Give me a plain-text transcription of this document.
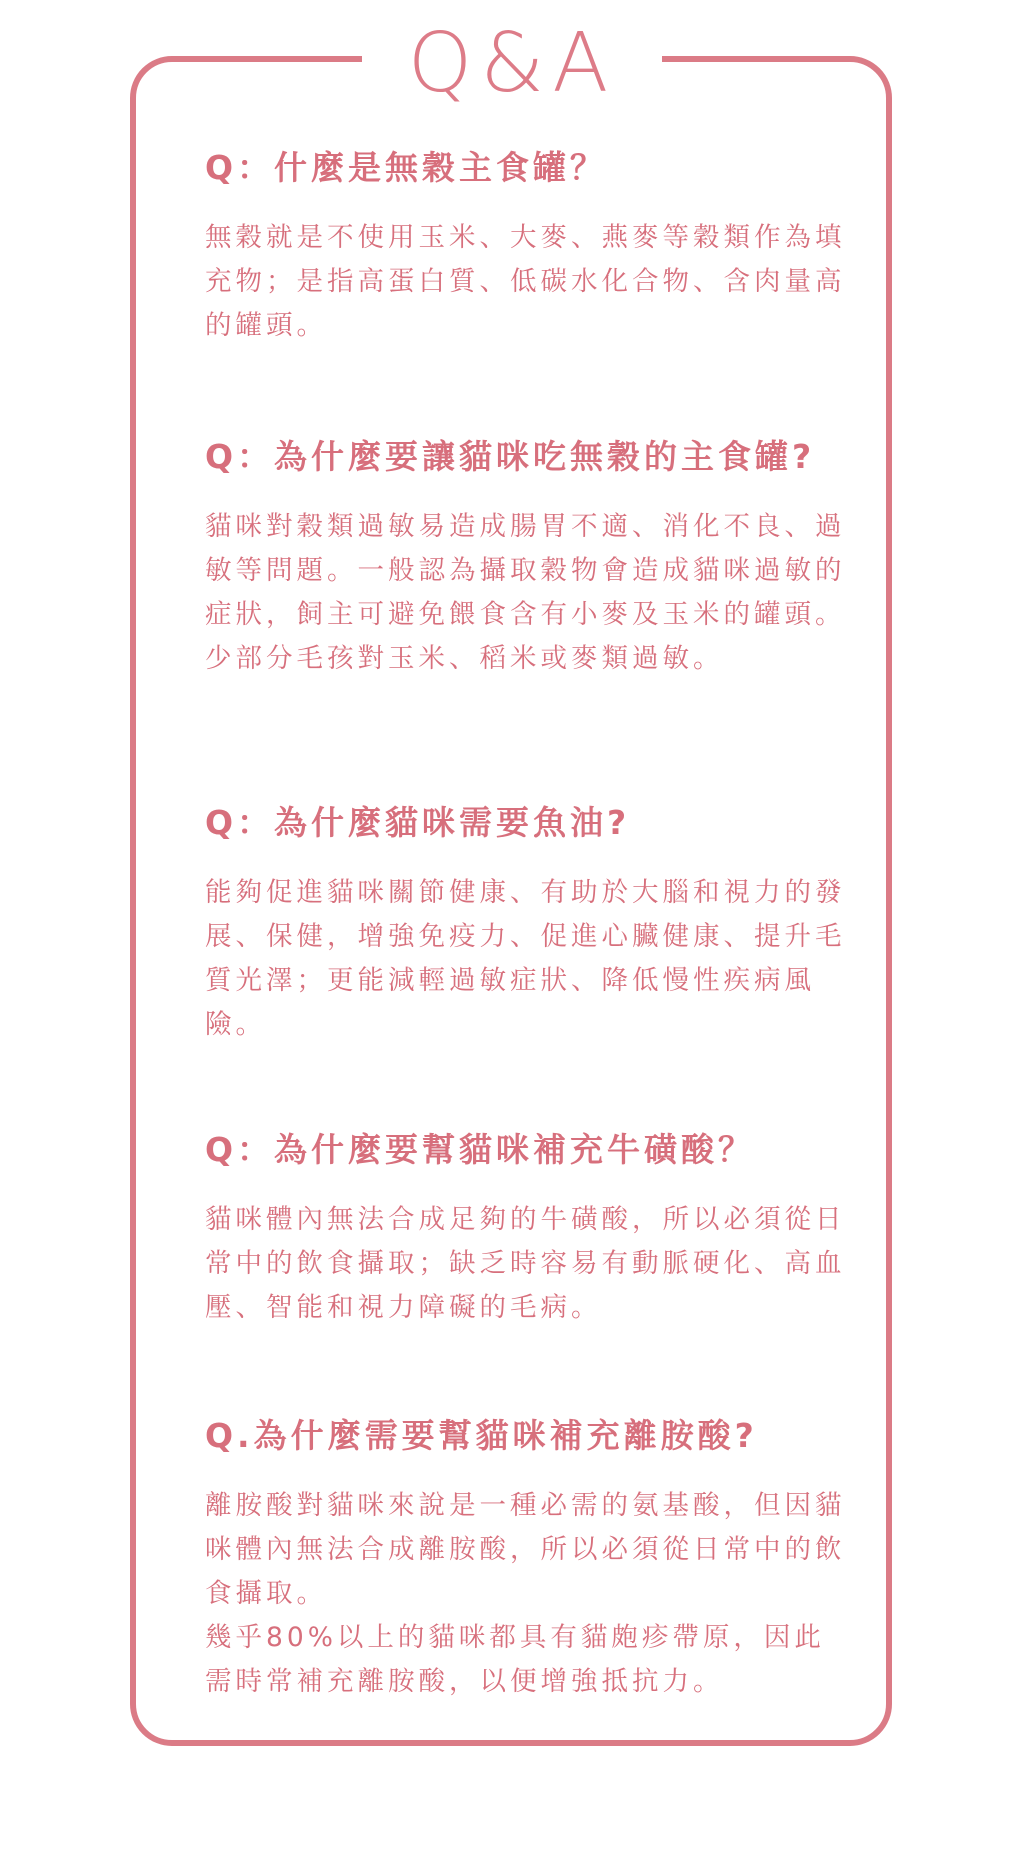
Q&A
Q：什麼是無穀主食罐？

無穀就是不使用玉米、大麥、燕麥等穀類作為填充物；是指高蛋白質、低碳水化合物、含肉量高的罐頭。

Q：為什麼要讓貓咪吃無穀的主食罐?

貓咪對穀類過敏易造成腸胃不適、消化不良、過敏等問題。一般認為攝取穀物會造成貓咪過敏的症狀，飼主可避免餵食含有小麥及玉米的罐頭。少部分毛孩對玉米、稻米或麥類過敏。

Q：為什麼貓咪需要魚油?

能夠促進貓咪關節健康、有助於大腦和視力的發展、保健，增強免疫力、促進心臟健康、提升毛質光澤；更能減輕過敏症狀、降低慢性疾病風險。

Q：為什麼要幫貓咪補充牛磺酸？

貓咪體內無法合成足夠的牛磺酸，所以必須從日常中的飲食攝取；缺乏時容易有動脈硬化、高血壓、智能和視力障礙的毛病。

Q.為什麼需要幫貓咪補充離胺酸?

離胺酸對貓咪來說是一種必需的氨基酸，但因貓咪體內無法合成離胺酸，所以必須從日常中的飲食攝取。

幾乎80%以上的貓咪都具有貓皰疹帶原，因此需時常補充離胺酸，以便增強抵抗力。
